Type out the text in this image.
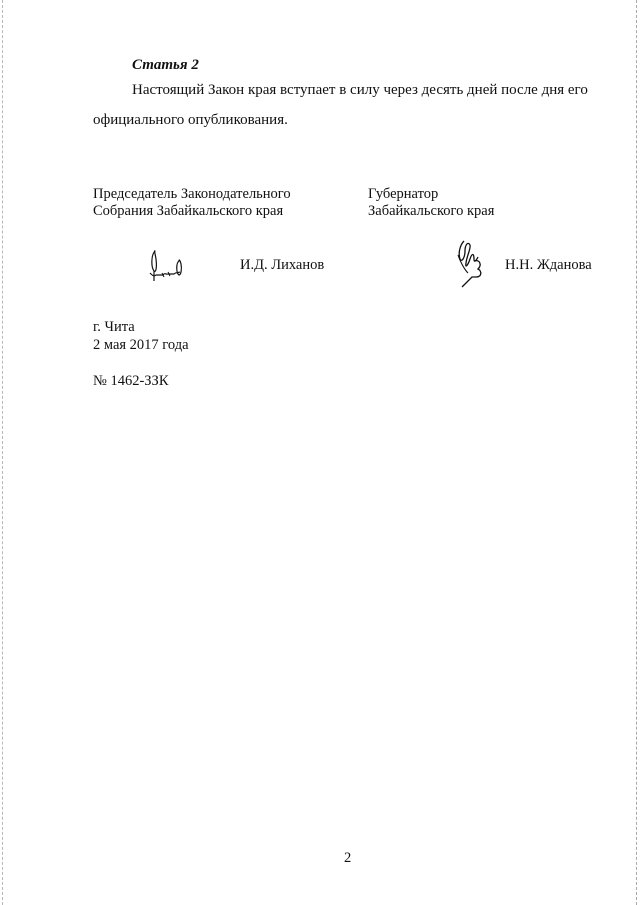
Статья 2

Настоящий Закон края вступает в силу через десять дней после дня его

официального опубликования.

Председатель Законодательного
Собрания Забайкальского края
Губернатор
Забайкальского края
И.Д. Лиханов	Н.Н. Жданова
г. Чита
2 мая 2017 года
№ 1462-ЗЗК
2
